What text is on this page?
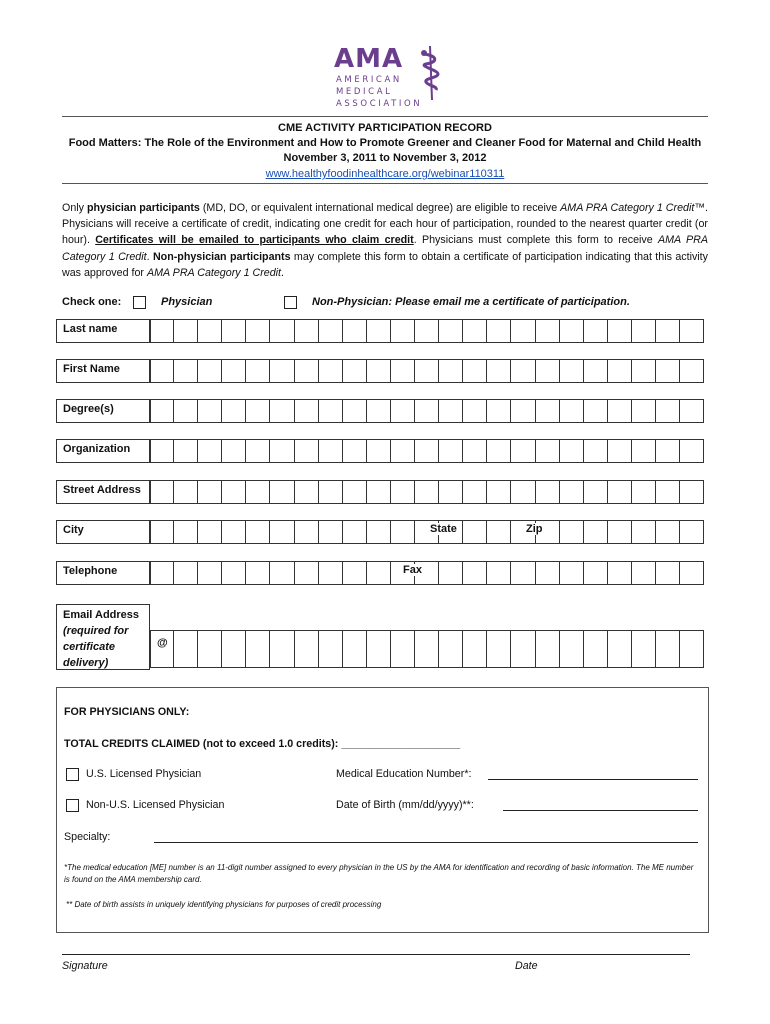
AMA
AMERICAN
MEDICAL
ASSOCIATION
CME ACTIVITY PARTICIPATION RECORD
Food Matters: The Role of the Environment and How to Promote Greener and Cleaner Food for Maternal and Child Health
November 3, 2011 to November 3, 2012
www.healthyfoodinhealthcare.org/webinar110311
Only physician participants (MD, DO, or equivalent international medical degree) are eligible to receive AMA PRA Category 1 Credit™. Physicians will receive a certificate of credit, indicating one credit for each hour of participation, rounded to the nearest quarter credit (or hour). Certificates will be emailed to participants who claim credit. Physicians must complete this form to receive AMA PRA Category 1 Credit. Non-physician participants may complete this form to obtain a certificate of participation indicating that this activity was approved for AMA PRA Category 1 Credit.
Check one:	Physician	Non-Physician: Please email me a certificate of participation.
Last name
First Name
Degree(s)
Organization
Street Address
City	State	Zip
Telephone	Fax
Email Address
(required for
certificate
delivery)
@
FOR PHYSICIANS ONLY:
TOTAL CREDITS CLAIMED (not to exceed 1.0 credits): ____________________
U.S. Licensed Physician	Medical Education Number*:
Non-U.S. Licensed Physician	Date of Birth (mm/dd/yyyy)**:
Specialty:
*The medical education [ME] number is an 11-digit number assigned to every physician in the US by the AMA for identification and recording of basic information. The ME number is found on the AMA membership card.
** Date of birth assists in uniquely identifying physicians for purposes of credit processing
Signature	Date
